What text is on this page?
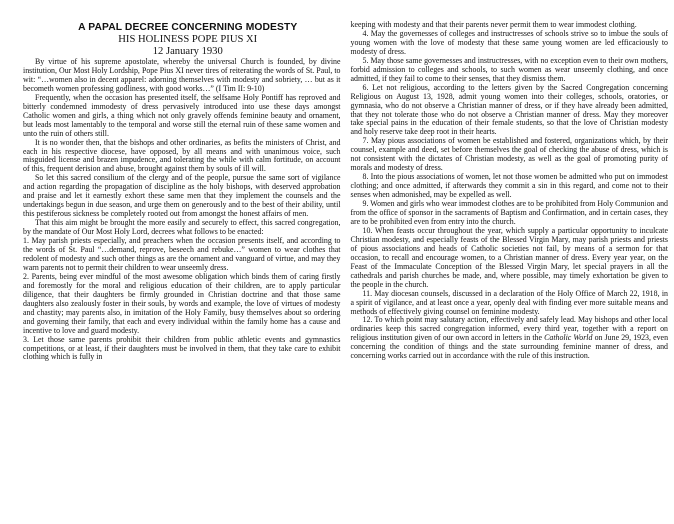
A PAPAL DECREE CONCERNING MODESTY

HIS HOLINESS POPE PIUS XI

12 January 1930

By virtue of his supreme apostolate, whereby the universal Church is founded, by divine institution, Our Most Holy Lordship, Pope Pius XI never tires of reiterating the words of St. Paul, to wit: “…women also in decent apparel: adorning themselves with modesty and sobriety, … but as it becometh women professing godliness, with good works…” (I Tim II: 9-10)

Frequently, when the occasion has presented itself, the selfsame Holy Pontiff has reproved and bitterly condemned immodesty of dress pervasively introduced into use these days amongst Catholic women and girls, a thing which not only gravely offends feminine beauty and ornament, but leads most lamentably to the temporal and worse still the eternal ruin of these same women and unto the ruin of others still.

It is no wonder then, that the bishops and other ordinaries, as befits the ministers of Christ, and each in his respective diocese, have opposed, by all means and with unanimous voice, such misguided license and brazen impudence, and tolerating the while with calm fortitude, on account of this, frequent derision and abuse, brought against them by souls of ill will.

So let this sacred consilium of the clergy and of the people, pursue the same sort of vigilance and action regarding the propagation of discipline as the holy bishops, with deserved approbation and praise and let it earnestly exhort these same men that they implement the counsels and the undertakings begun in due season, and urge them on generously and to the best of their ability, until this pestiferous sickness be completely rooted out from amongst the honest affairs of men.

That this aim might be brought the more easily and securely to effect, this sacred congregation, by the mandate of Our Most Holy Lord, decrees what follows to be enacted:

1. May parish priests especially, and preachers when the occasion presents itself, and according to the words of St. Paul “…demand, reprove, beseech and rebuke…” women to wear clothes that redolent of modesty and such other things as are the ornament and vanguard of virtue, and may they warn parents not to permit their children to wear unseemly dress.

2. Parents, being ever mindful of the most awesome obligation which binds them of caring firstly and foremostly for the moral and religious education of their children, are to apply particular diligence, that their daughters be firmly grounded in Christian doctrine and that those same daughters also zealously foster in their souls, by words and example, the love of virtues of modesty and chastity; may parents also, in imitation of the Holy Family, busy themselves about so ordering and governing their family, that each and every individual within the family home has a cause and incentive to love and guard modesty.

3. Let those same parents prohibit their children from public athletic events and gymnastics competitions, or at least, if their daughters must be involved in them, that they take care to exhibit clothing which is fully in

keeping with modesty and that their parents never permit them to wear immodest clothing.

4. May the governesses of colleges and instructresses of schools strive so to imbue the souls of young women with the love of modesty that these same young women are led efficaciously to modesty of dress.

5. May those same governesses and instructresses, with no exception even to their own mothers, forbid admission to colleges and schools, to such women as wear unseemly clothing, and once admitted, if they fail to come to their senses, that they dismiss them.

6. Let not religious, according to the letters given by the Sacred Congregation concerning Religious on August 13, 1928, admit young women into their colleges, schools, oratories, or gymnasia, who do not observe a Christian manner of dress, or if they have already been admitted, that they not tolerate those who do not observe a Christian manner of dress. May they moreover take special pains in the education of their female students, so that the love of Christian modesty and holy reserve take deep root in their hearts.

7. May pious associations of women be established and fostered, organizations which, by their counsel, example and deed, set before themselves the goal of checking the abuse of dress, which is not consistent with the dictates of Christian modesty, as well as the goal of promoting purity of morals and modesty of dress.

8. Into the pious associations of women, let not those women be admitted who put on immodest clothing; and once admitted, if afterwards they commit a sin in this regard, and come not to their senses when admonished, may be expelled as well.

9. Women and girls who wear immodest clothes are to be prohibited from Holy Communion and from the office of sponsor in the sacraments of Baptism and Confirmation, and in certain cases, they are to be prohibited even from entry into the church.

10. When feasts occur throughout the year, which supply a particular opportunity to inculcate Christian modesty, and especially feasts of the Blessed Virgin Mary, may parish priests and priests of pious associations and heads of Catholic societies not fail, by means of a sermon for that occasion, to recall and encourage women, to a Christian manner of dress. Every year year, on the Feast of the Immaculate Conception of the Blessed Virgin Mary, let special prayers in all the cathedrals and parish churches be made, and, where possible, may timely exhortation be given to the people in the church.

11. May diocesan counsels, discussed in a declaration of the Holy Office of March 22, 1918, in a spirit of vigilance, and at least once a year, openly deal with finding ever more suitable means and methods of effectively giving counsel on feminine modesty.

12. To which point may salutary action, effectively and safely lead. May bishops and other local ordinaries keep this sacred congregation informed, every third year, together with a report on religious institution given of our own accord in letters in the Catholic World on June 29, 1923, even concerning the condition of things and the state surrounding feminine manner of dress, and concerning works carried out in accordance with the rule of this instruction.
